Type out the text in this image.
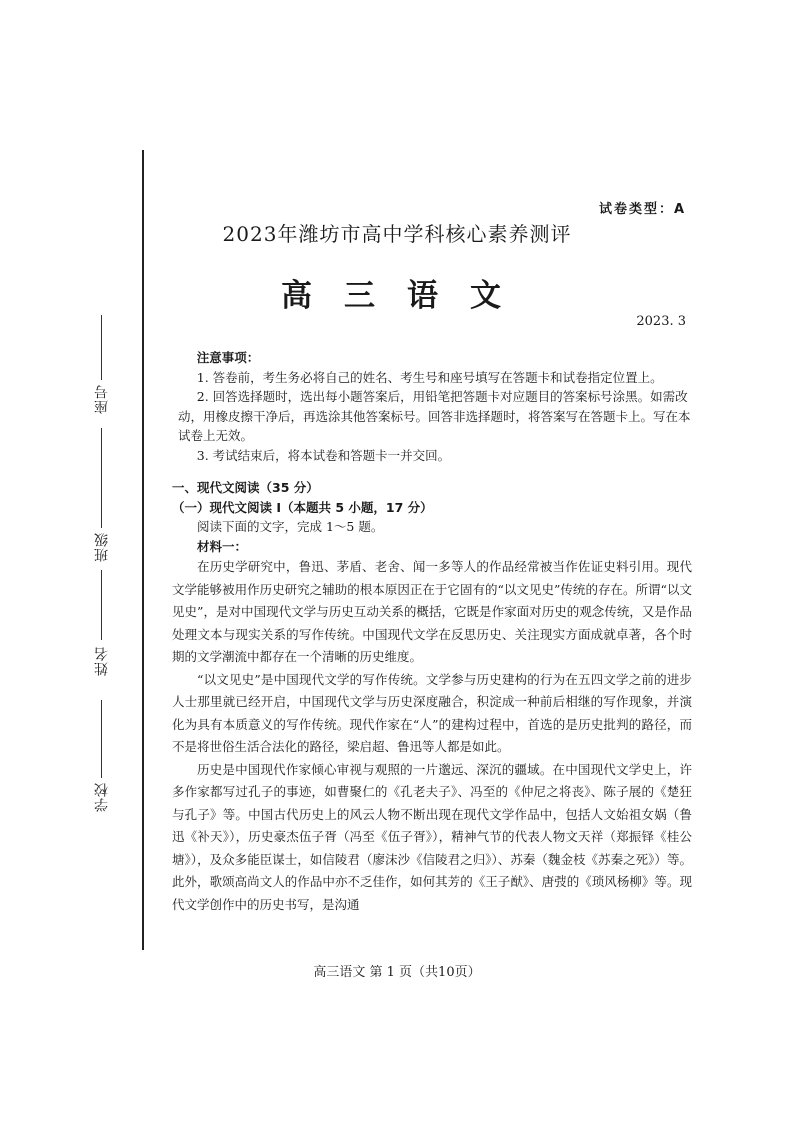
学校
姓名
班级
座号
试卷类型：A
2023年潍坊市高中学科核心素养测评
高三语文
2023. 3

注意事项：

1. 答卷前，考生务必将自己的姓名、考生号和座号填写在答题卡和试卷指定位置上。

2. 回答选择题时，选出每小题答案后，用铅笔把答题卡对应题目的答案标号涂黑。如需改动，用橡皮擦干净后，再选涂其他答案标号。回答非选择题时，将答案写在答题卡上。写在本试卷上无效。

3. 考试结束后，将本试卷和答题卡一并交回。

一、现代文阅读（35 分）

（一）现代文阅读 Ⅰ（本题共 5 小题，17 分）

阅读下面的文字，完成 1～5 题。

材料一：

在历史学研究中，鲁迅、茅盾、老舍、闻一多等人的作品经常被当作佐证史料引用。现代文学能够被用作历史研究之辅助的根本原因正在于它固有的“以文见史”传统的存在。所谓“以文见史”，是对中国现代文学与历史互动关系的概括，它既是作家面对历史的观念传统，又是作品处理文本与现实关系的写作传统。中国现代文学在反思历史、关注现实方面成就卓著，各个时期的文学潮流中都存在一个清晰的历史维度。

“以文见史”是中国现代文学的写作传统。文学参与历史建构的行为在五四文学之前的进步人士那里就已经开启，中国现代文学与历史深度融合，积淀成一种前后相继的写作现象，并演化为具有本质意义的写作传统。现代作家在“人”的建构过程中，首选的是历史批判的路径，而不是将世俗生活合法化的路径，梁启超、鲁迅等人都是如此。

历史是中国现代作家倾心审视与观照的一片邈远、深沉的疆域。在中国现代文学史上，许多作家都写过孔子的事迹，如曹聚仁的《孔老夫子》、冯至的《仲尼之将丧》、陈子展的《楚狂与孔子》等。中国古代历史上的风云人物不断出现在现代文学作品中，包括人文始祖女娲（鲁迅《补天》），历史豪杰伍子胥（冯至《伍子胥》），精神气节的代表人物文天祥（郑振铎《桂公塘》），及众多能臣谋士，如信陵君（廖沫沙《信陵君之归》）、苏秦（魏金枝《苏秦之死》）等。此外，歌颂高尚文人的作品中亦不乏佳作，如何其芳的《王子猷》、唐弢的《琐风杨柳》等。现代文学创作中的历史书写，是沟通

高三语文 第 1 页（共10页）
